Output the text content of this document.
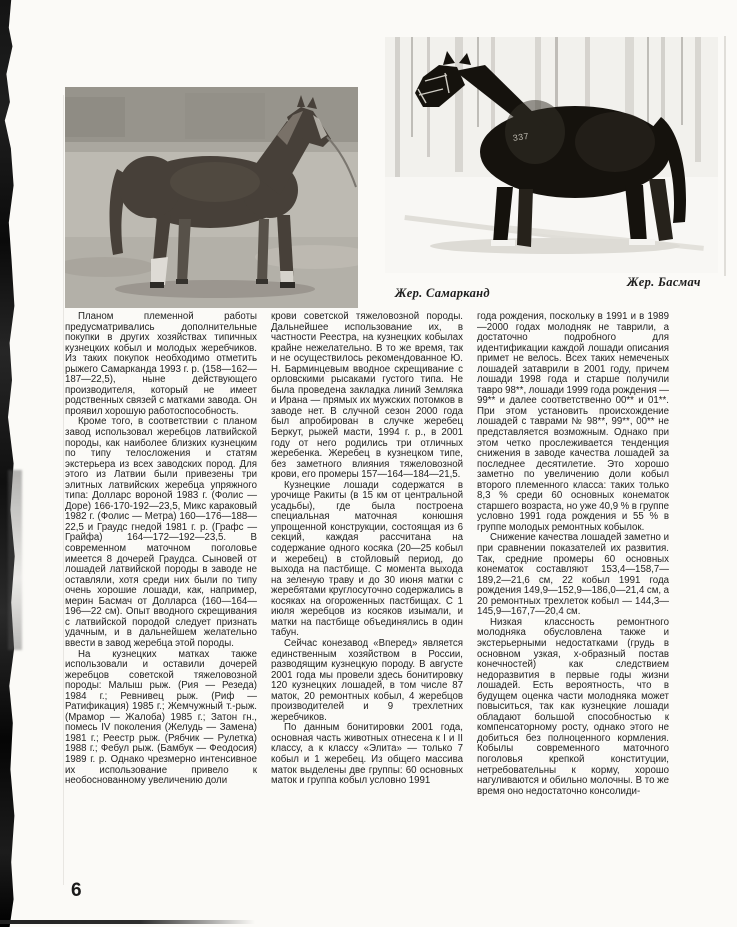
337
Жер. Самарканд
Жер. Басмач

Планом племенной работы предусматривались дополнительные покупки в других хозяйствах типичных кузнецких кобыл и молодых жеребчиков. Из таких покупок необходимо отметить рыжего Самарканда 1993 г. р. (158—162—187—22,5), ныне действующего производителя, который не имеет родственных связей с матками завода. Он проявил хорошую работоспособность.

Кроме того, в соответствии с планом завод использовал жеребцов латвийской породы, как наиболее близких кузнецким по типу телосложения и статям экстерьера из всех заводских пород. Для этого из Латвии были привезены три элитных латвийских жеребца упряжного типа: Долларс вороной 1983 г. (Фолис — Доре) 166-170-192—23,5, Микс караковый 1982 г. (Фолис — Метра) 160—176—188—22,5 и Граудс гнедой 1981 г. р. (Графс — Грайфа) 164—172—192—23,5. В современном маточном поголовье имеется 8 дочерей Граудса. Сыновей от лошадей латвийской породы в заводе не оставляли, хотя среди них были по типу очень хорошие лошади, как, например, мерин Басмач от Долларса (160—164—196—22 см). Опыт вводного скрещивания с латвийской породой следует признать удачным, и в дальнейшем желательно ввести в завод жеребца этой породы.

На кузнецких матках также использовали и оставили дочерей жеребцов советской тяжеловозной породы: Малыш рыж. (Рия — Резеда) 1984 г.; Ревнивец рыж. (Риф — Ратификация) 1985 г.; Жемчужный т.-рыж. (Мрамор — Жалоба) 1985 г.; Затон гн., помесь IV поколения (Желудь — Замена) 1981 г.; Реестр рыж. (Рябчик — Рулетка) 1988 г.; Фебул рыж. (Бамбук — Феодосия) 1989 г. р. Однако чрезмерно интенсивное их использование привело к необоснованному увеличению доли

крови советской тяжеловозной породы. Дальнейшее использование их, в частности Реестра, на кузнецких кобылах крайне нежелательно. В то же время, так и не осуществилось рекомендованное Ю. Н. Барминцевым вводное скрещивание с орловскими рысаками густого типа. Не была проведена закладка линий Земляка и Ирана — прямых их мужских потомков в заводе нет. В случной сезон 2000 года был апробирован в случке жеребец Беркут, рыжей масти, 1994 г. р., в 2001 году от него родились три отличных жеребенка. Жеребец в кузнецком типе, без заметного влияния тяжеловозной крови, его промеры 157—164—184—21,5.

Кузнецкие лошади содержатся в урочище Ракиты (в 15 км от центральной усадьбы), где была построена специальная маточная конюшня упрощенной конструкции, состоящая из 6 секций, каждая рассчитана на содержание одного косяка (20—25 кобыл и жеребец) в стойловый период, до выхода на пастбище. С момента выхода на зеленую траву и до 30 июня матки с жеребятами круглосуточно содержались в косяках на огороженных пастбищах. С 1 июля жеребцов из косяков изымали, и матки на пастбище объединялись в один табун.

Сейчас конезавод «Вперед» является единственным хозяйством в России, разводящим кузнецкую породу. В августе 2001 года мы провели здесь бонитировку 120 кузнецких лошадей, в том числе 87 маток, 20 ремонтных кобыл, 4 жеребцов производителей и 9 трехлетних жеребчиков.

По данным бонитировки 2001 года, основная часть животных отнесена к I и II классу, а к классу «Элита» — только 7 кобыл и 1 жеребец. Из общего массива маток выделены две группы: 60 основных маток и группа кобыл условно 1991

года рождения, поскольку в 1991 и в 1989—2000 годах молодняк не таврили, а достаточно подробного для идентификации каждой лошади описания примет не велось. Всех таких немеченых лошадей затаврили в 2001 году, причем лошади 1998 года и старше получили тавро 98**, лошади 1999 года рождения — 99** и далее соответственно 00** и 01**. При этом установить происхождение лошадей с таврами № 98**, 99**, 00** не представляется возможным. Однако при этом четко прослеживается тенденция снижения в заводе качества лошадей за последнее десятилетие. Это хорошо заметно по увеличению доли кобыл второго племенного класса: таких только 8,3 % среди 60 основных конематок старшего возраста, но уже 40,9 % в группе условно 1991 года рождения и 55 % в группе молодых ремонтных кобылок.

Снижение качества лошадей заметно и при сравнении показателей их развития. Так, средние промеры 60 основных конематок составляют 153,4—158,7—189,2—21,6 см, 22 кобыл 1991 года рождения 149,9—152,9—186,0—21,4 см, а 20 ремонтных трехлеток кобыл — 144,3—145,9—167,7—20,4 см.

Низкая классность ремонтного молодняка обусловлена также и экстерьерными недостатками (грудь в основном узкая, х-образный постав конечностей) как следствием недоразвития в первые годы жизни лошадей. Есть вероятность, что в будущем оценка части молодняка может повыситься, так как кузнецкие лошади обладают большой способностью к компенсаторному росту, однако этого не добиться без полноценного кормления. Кобылы современного маточного поголовья крепкой конституции, нетребовательны к корму, хорошо нагуливаются и обильно молочны. В то же время оно недостаточно консолиди-

6
